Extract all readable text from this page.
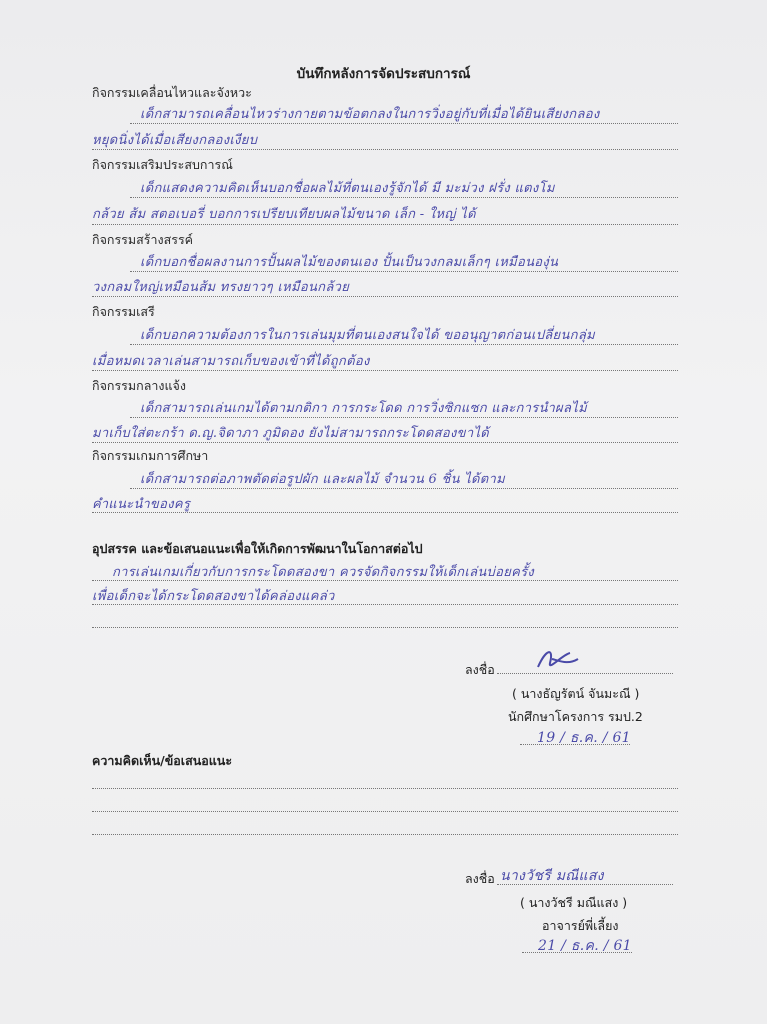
บันทึกหลังการจัดประสบการณ์
กิจกรรมเคลื่อนไหวและจังหวะ
เด็กสามารถเคลื่อนไหวร่างกายตามข้อตกลงในการวิ่งอยู่กับที่เมื่อได้ยินเสียงกลอง
หยุดนิ่งได้เมื่อเสียงกลองเงียบ
กิจกรรมเสริมประสบการณ์
เด็กแสดงความคิดเห็นบอกชื่อผลไม้ที่ตนเองรู้จักได้ มี มะม่วง ฝรั่ง แตงโม
กล้วย ส้ม สตอเบอรี่ บอกการเปรียบเทียบผลไม้ขนาด เล็ก - ใหญ่ ได้
กิจกรรมสร้างสรรค์
เด็กบอกชื่อผลงานการปั้นผลไม้ของตนเอง ปั้นเป็นวงกลมเล็กๆ เหมือนองุ่น
วงกลมใหญ่เหมือนส้ม ทรงยาวๆ เหมือนกล้วย
กิจกรรมเสรี
เด็กบอกความต้องการในการเล่นมุมที่ตนเองสนใจได้ ขออนุญาตก่อนเปลี่ยนกลุ่ม
เมื่อหมดเวลาเล่นสามารถเก็บของเข้าที่ได้ถูกต้อง
กิจกรรมกลางแจ้ง
เด็กสามารถเล่นเกมได้ตามกติกา การกระโดด การวิ่งซิกแซก และการนำผลไม้
มาเก็บใส่ตะกร้า ด.ญ.จิดาภา ภูมิดอง ยังไม่สามารถกระโดดสองขาได้
กิจกรรมเกมการศึกษา
เด็กสามารถต่อภาพตัดต่อรูปผัก และผลไม้ จำนวน 6 ชิ้น ได้ตาม
คำแนะนำของครู
อุปสรรค และข้อเสนอแนะเพื่อให้เกิดการพัฒนาในโอกาสต่อไป
การเล่นเกมเกี่ยวกับการกระโดดสองขา ควรจัดกิจกรรมให้เด็กเล่นบ่อยครั้ง
เพื่อเด็กจะได้กระโดดสองขาได้คล่องแคล่ว
ลงชื่อ
( นางธัญรัตน์ จันมะณี )
นักศึกษาโครงการ รมป.2
19 / ธ.ค. / 61
ความคิดเห็น/ข้อเสนอแนะ
ลงชื่อ นางวัชรี มณีแสง
( นางวัชรี มณีแสง )
อาจารย์พี่เลี้ยง
21 / ธ.ค. / 61
